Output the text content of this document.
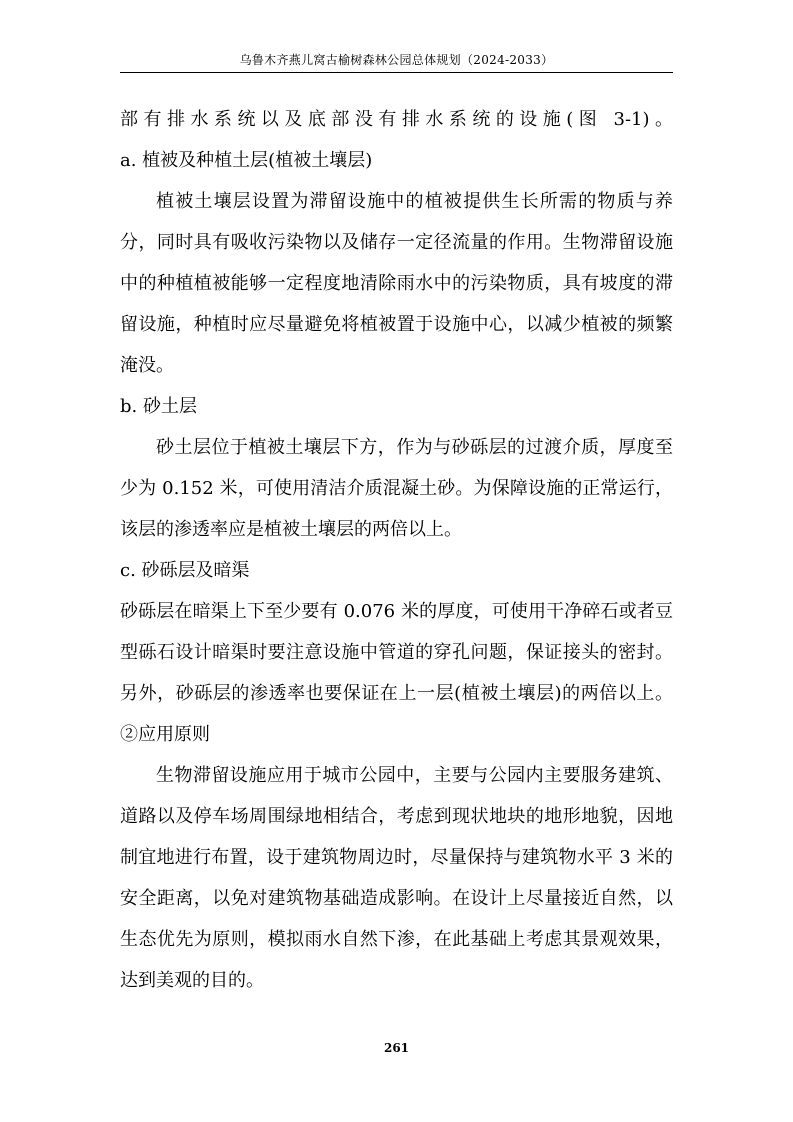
乌鲁木齐燕儿窝古榆树森林公园总体规划（2024-2033）
部有排水系统以及底部没有排水系统的设施(图 3-1)。
a. 植被及种植土层(植被土壤层)
植被土壤层设置为滞留设施中的植被提供生长所需的物质与养
分，同时具有吸收污染物以及储存一定径流量的作用。生物滞留设施
中的种植植被能够一定程度地清除雨水中的污染物质，具有坡度的滞
留设施，种植时应尽量避免将植被置于设施中心，以减少植被的频繁
淹没。
b. 砂土层
砂土层位于植被土壤层下方，作为与砂砾层的过渡介质，厚度至
少为 0.152 米，可使用清洁介质混凝土砂。为保障设施的正常运行，
该层的渗透率应是植被土壤层的两倍以上。
c. 砂砾层及暗渠
砂砾层在暗渠上下至少要有 0.076 米的厚度，可使用干净碎石或者豆
型砾石设计暗渠时要注意设施中管道的穿孔问题，保证接头的密封。
另外，砂砾层的渗透率也要保证在上一层(植被土壤层)的两倍以上。
②应用原则
生物滞留设施应用于城市公园中，主要与公园内主要服务建筑、
道路以及停车场周围绿地相结合，考虑到现状地块的地形地貌，因地
制宜地进行布置，设于建筑物周边时，尽量保持与建筑物水平 3 米的
安全距离，以免对建筑物基础造成影响。在设计上尽量接近自然，以
生态优先为原则，模拟雨水自然下渗，在此基础上考虑其景观效果，
达到美观的目的。
261
